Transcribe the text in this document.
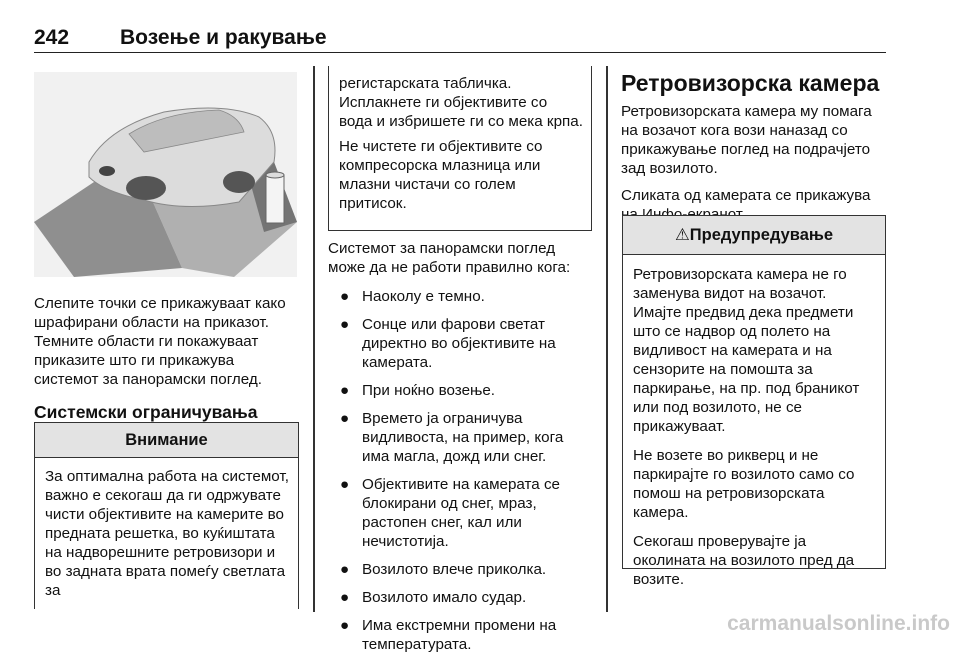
242 Возење и ракување

Слепите точки се прикажуваат како шрафирани области на приказот. Темните области ги покажуваат приказите што ги прикажува системот за панорамски поглед.

Системски ограничувања
Внимание

За оптимална работа на системот, важно е секогаш да ги одржувате чисти објективите на камерите во предната решетка, во куќиштата на надворешните ретровизори и во задната врата помеѓу светлата за

регистарската табличка. Исплакнете ги објективите со вода и избришете ги со мека крпа.

Не чистете ги објективите со компресорска млазница или млазни чистачи со голем притисок.

Системот за панорамски поглед може да не работи правилно кога:

● Наоколу е темно.
● Сонце или фарови светат директно во објективите на камерата.
● При ноќно возење.
● Времето ја ограничува видливоста, на пример, кога има магла, дожд или снег.
● Објективите на камерата се блокирани од снег, мраз, растопен снег, кал или нечистотија.
● Возилото влече приколка.
● Возилото имало судар.
● Има екстремни промени на температурата.
Ретровизорска камера

Ретровизорската камера му помага на возачот кога вози наназад со прикажување поглед на подрачјето зад возилото.

Сликата од камерата се прикажува

⚠Предупредување

Ретровизорската камера не го заменува видот на возачот. Имајте предвид дека предмети што се надвор од полето на видливост на камерата и на сензорите на помошта за паркирање, на пр. под браникот или под возилото, не се прикажуваат.

Не возете во рикверц и не паркирајте го возилото само со помош на ретровизорската камера.

Секогаш проверувајте ја околината на возилото пред да возите.

carmanualsonline.info
